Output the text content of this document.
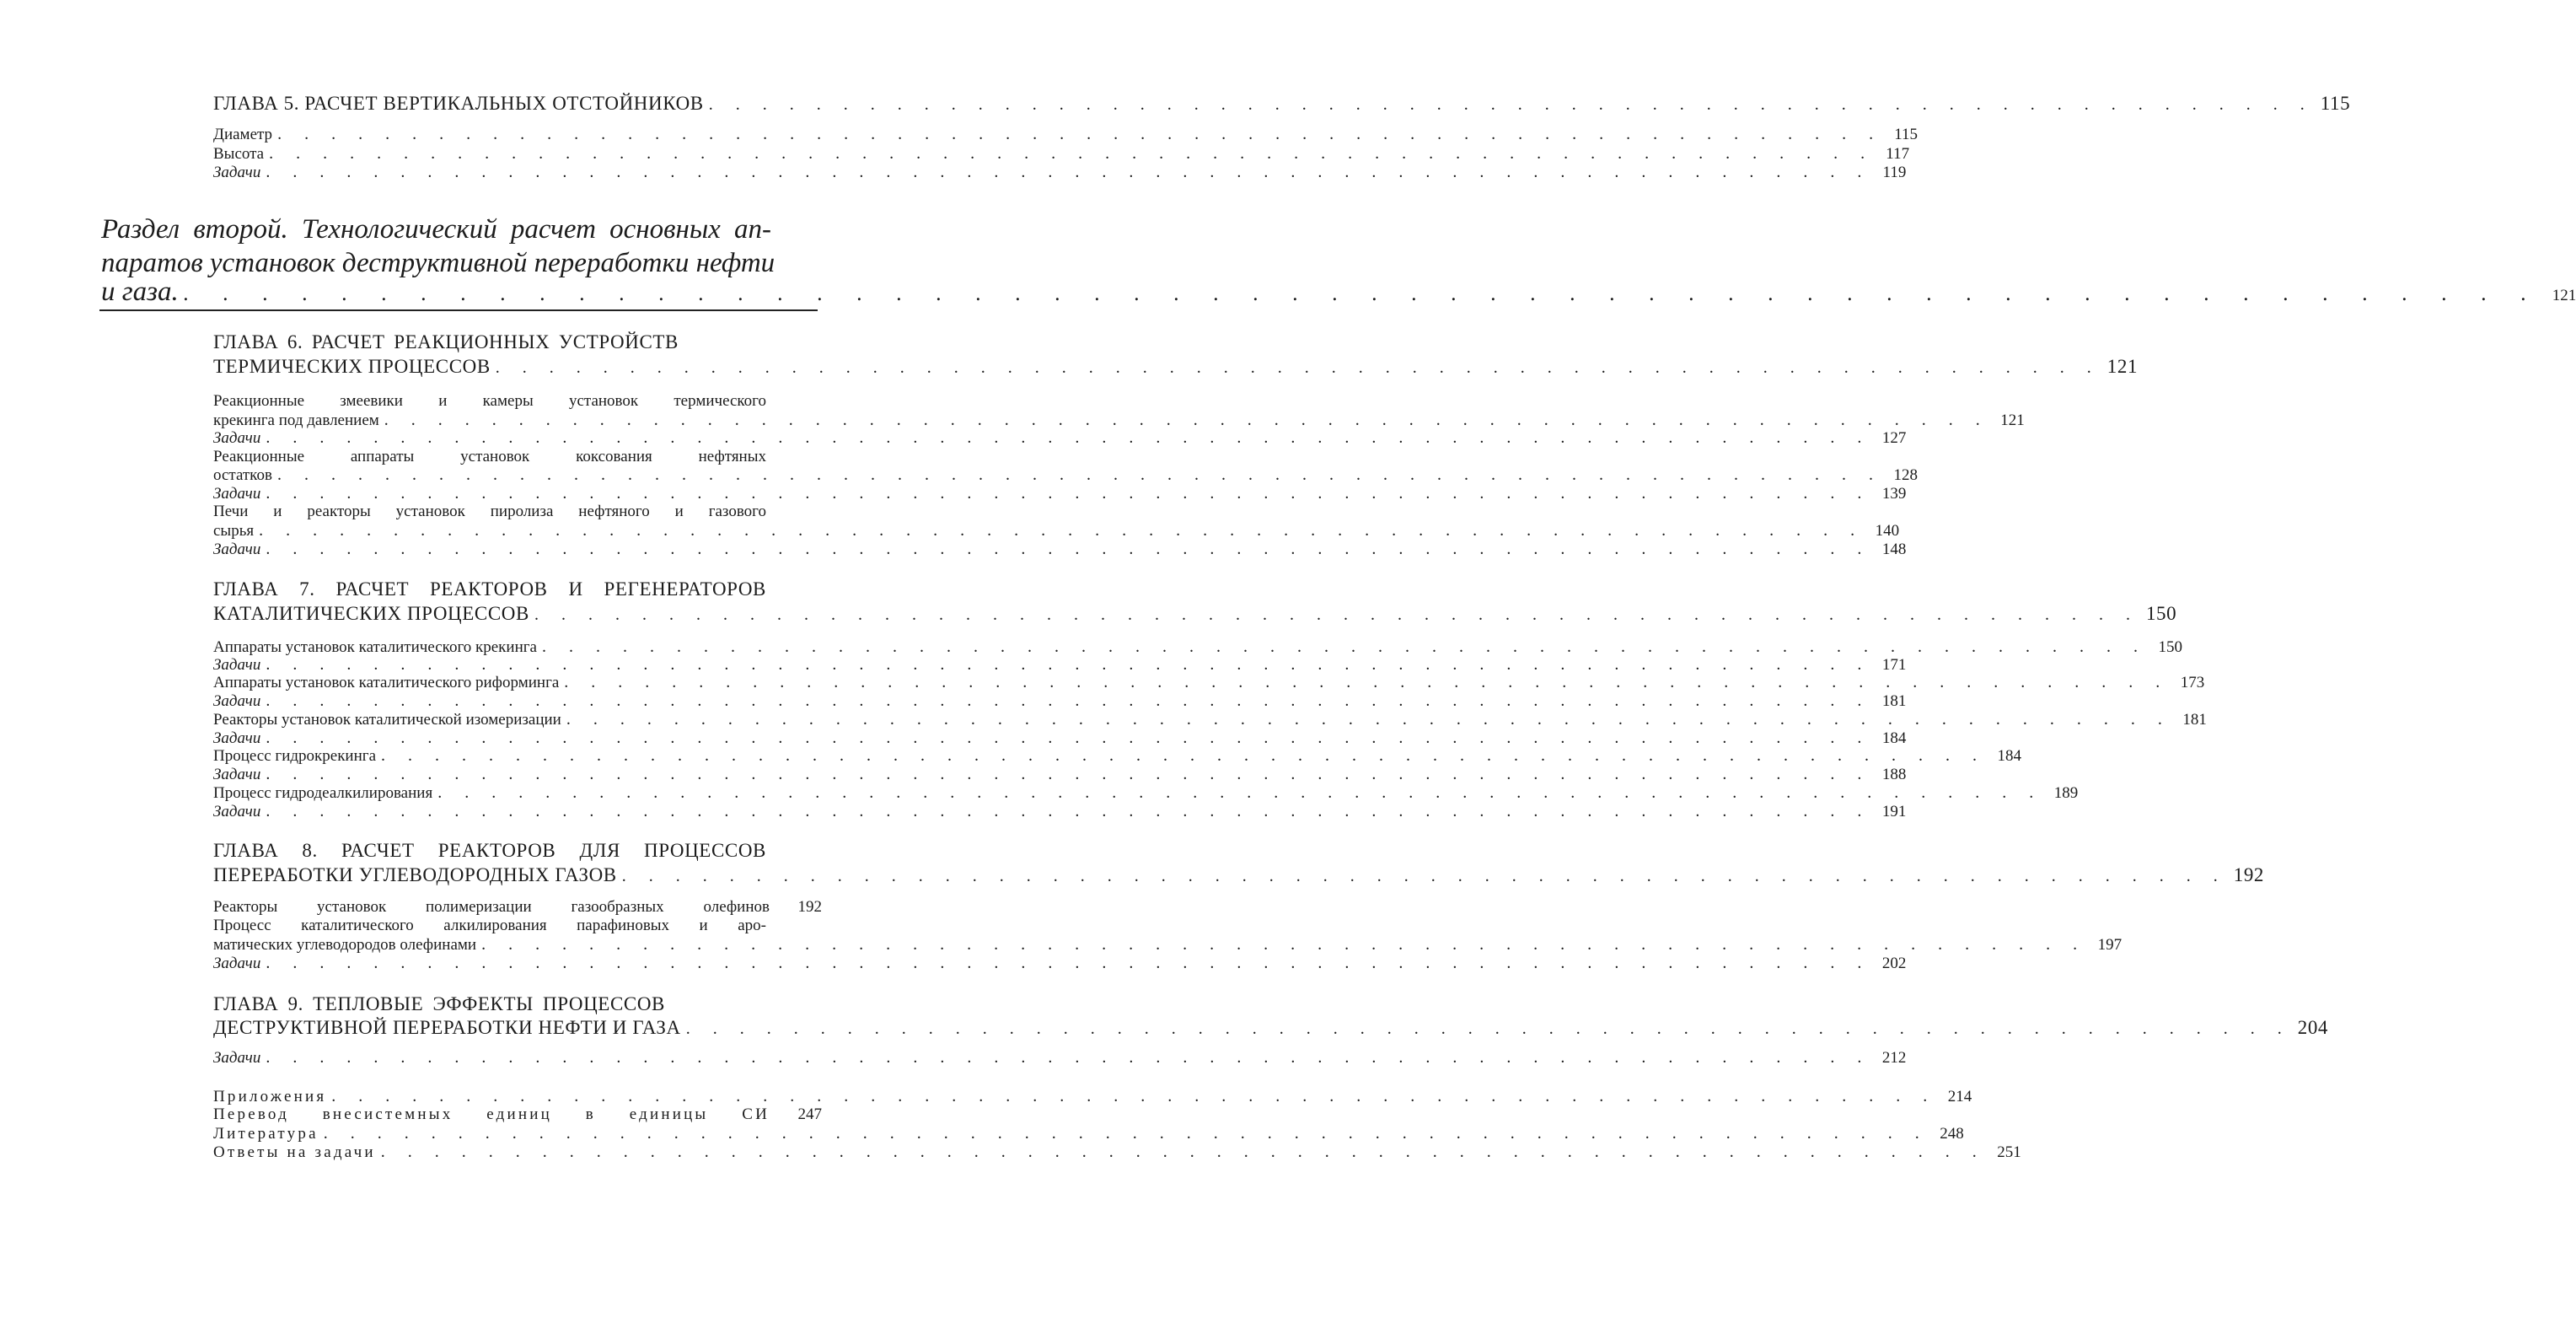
ГЛАВА 5. РАСЧЕТ ВЕРТИКАЛЬНЫХ ОТСТОЙНИКОВ . . . . . . . . . . . . . . . . . . . . . . . . . . . . . . . . . . . . . . . . . . . . . . . . . . . . . . . . . . . . 115
Диаметр . . . . . . . . . . . . . . . . . . . . . . . . . . . . . . . . . . . . . . . . . . . . . . . . . . . . . . . . . . . . 115
Высота . . . . . . . . . . . . . . . . . . . . . . . . . . . . . . . . . . . . . . . . . . . . . . . . . . . . . . . . . . . . 117
Задачи . . . . . . . . . . . . . . . . . . . . . . . . . . . . . . . . . . . . . . . . . . . . . . . . . . . . . . . . . . . . 119
Раздел второй. Технологический расчет основных ап-
паратов установок деструктивной переработки нефти
и газа. . . . . . . . . . . . . . . . . . . . . . . . . . . . . . . . . . . . . . . . . . . . . . . . . . . . . . . . . . . . . 121
ГЛАВА 6. РАСЧЕТ РЕАКЦИОННЫХ УСТРОЙСТВ
ТЕРМИЧЕСКИХ ПРОЦЕССОВ . . . . . . . . . . . . . . . . . . . . . . . . . . . . . . . . . . . . . . . . . . . . . . . . . . . . . . . . . . . . 121
Реакционные змеевики и камеры установок термического
крекинга под давлением . . . . . . . . . . . . . . . . . . . . . . . . . . . . . . . . . . . . . . . . . . . . . . . . . . . . . . . . . . . . 121
Задачи . . . . . . . . . . . . . . . . . . . . . . . . . . . . . . . . . . . . . . . . . . . . . . . . . . . . . . . . . . . . 127
Реакционные аппараты установок коксования нефтяных
остатков . . . . . . . . . . . . . . . . . . . . . . . . . . . . . . . . . . . . . . . . . . . . . . . . . . . . . . . . . . . . 128
Задачи . . . . . . . . . . . . . . . . . . . . . . . . . . . . . . . . . . . . . . . . . . . . . . . . . . . . . . . . . . . . 139
Печи и реакторы установок пиролиза нефтяного и газового
сырья . . . . . . . . . . . . . . . . . . . . . . . . . . . . . . . . . . . . . . . . . . . . . . . . . . . . . . . . . . . . 140
Задачи . . . . . . . . . . . . . . . . . . . . . . . . . . . . . . . . . . . . . . . . . . . . . . . . . . . . . . . . . . . . 148
ГЛАВА 7. РАСЧЕТ РЕАКТОРОВ И РЕГЕНЕРАТОРОВ
КАТАЛИТИЧЕСКИХ ПРОЦЕССОВ . . . . . . . . . . . . . . . . . . . . . . . . . . . . . . . . . . . . . . . . . . . . . . . . . . . . . . . . . . . . 150
Аппараты установок каталитического крекинга . . . . . . . . . . . . . . . . . . . . . . . . . . . . . . . . . . . . . . . . . . . . . . . . . . . . . . . . . . . . 150
Задачи . . . . . . . . . . . . . . . . . . . . . . . . . . . . . . . . . . . . . . . . . . . . . . . . . . . . . . . . . . . . 171
Аппараты установок каталитического риформинга . . . . . . . . . . . . . . . . . . . . . . . . . . . . . . . . . . . . . . . . . . . . . . . . . . . . . . . . . . . . 173
Задачи . . . . . . . . . . . . . . . . . . . . . . . . . . . . . . . . . . . . . . . . . . . . . . . . . . . . . . . . . . . . 181
Реакторы установок каталитической изомеризации . . . . . . . . . . . . . . . . . . . . . . . . . . . . . . . . . . . . . . . . . . . . . . . . . . . . . . . . . . . . 181
Задачи . . . . . . . . . . . . . . . . . . . . . . . . . . . . . . . . . . . . . . . . . . . . . . . . . . . . . . . . . . . . 184
Процесс гидрокрекинга . . . . . . . . . . . . . . . . . . . . . . . . . . . . . . . . . . . . . . . . . . . . . . . . . . . . . . . . . . . . 184
Задачи . . . . . . . . . . . . . . . . . . . . . . . . . . . . . . . . . . . . . . . . . . . . . . . . . . . . . . . . . . . . 188
Процесс гидродеалкилирования . . . . . . . . . . . . . . . . . . . . . . . . . . . . . . . . . . . . . . . . . . . . . . . . . . . . . . . . . . . . 189
Задачи . . . . . . . . . . . . . . . . . . . . . . . . . . . . . . . . . . . . . . . . . . . . . . . . . . . . . . . . . . . . 191
ГЛАВА 8. РАСЧЕТ РЕАКТОРОВ ДЛЯ ПРОЦЕССОВ
ПЕРЕРАБОТКИ УГЛЕВОДОРОДНЫХ ГАЗОВ . . . . . . . . . . . . . . . . . . . . . . . . . . . . . . . . . . . . . . . . . . . . . . . . . . . . . . . . . . . . 192
Реакторы установок полимеризации газообразных олефинов 192
Процесс каталитического алкилирования парафиновых и аро-
матических углеводородов олефинами . . . . . . . . . . . . . . . . . . . . . . . . . . . . . . . . . . . . . . . . . . . . . . . . . . . . . . . . . . . . 197
Задачи . . . . . . . . . . . . . . . . . . . . . . . . . . . . . . . . . . . . . . . . . . . . . . . . . . . . . . . . . . . . 202
ГЛАВА 9. ТЕПЛОВЫЕ ЭФФЕКТЫ ПРОЦЕССОВ
ДЕСТРУКТИВНОЙ ПЕРЕРАБОТКИ НЕФТИ И ГАЗА . . . . . . . . . . . . . . . . . . . . . . . . . . . . . . . . . . . . . . . . . . . . . . . . . . . . . . . . . . . . 204
Задачи . . . . . . . . . . . . . . . . . . . . . . . . . . . . . . . . . . . . . . . . . . . . . . . . . . . . . . . . . . . . 212
Приложения . . . . . . . . . . . . . . . . . . . . . . . . . . . . . . . . . . . . . . . . . . . . . . . . . . . . . . . . . . . . 214
Перевод внесистемных единиц в единицы СИ 247
Литература . . . . . . . . . . . . . . . . . . . . . . . . . . . . . . . . . . . . . . . . . . . . . . . . . . . . . . . . . . . . 248
Ответы на задачи . . . . . . . . . . . . . . . . . . . . . . . . . . . . . . . . . . . . . . . . . . . . . . . . . . . . . . . . . . . . 251
